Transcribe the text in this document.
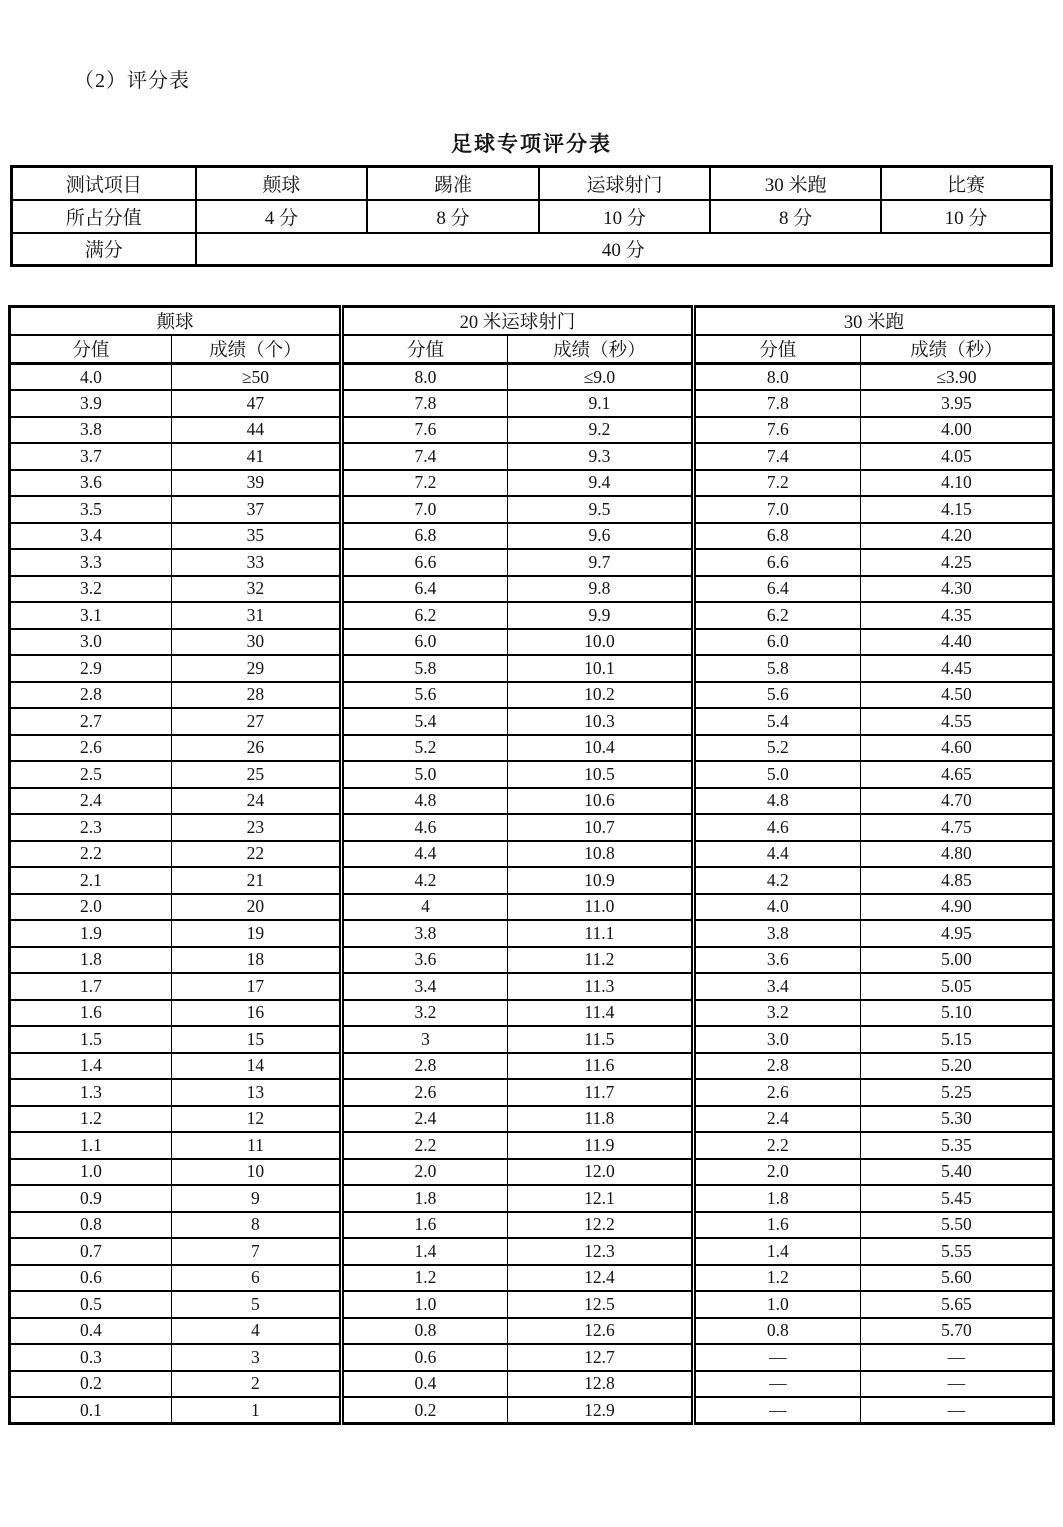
（2）评分表
足球专项评分表
测试项目	颠球	踢准	运球射门	30 米跑	比赛
所占分值	4 分	8 分	10 分	8 分	10 分
满分	40 分				
颠球		20 米运球射门		30 米跑	
分值	成绩（个）	分值	成绩（秒）	分值	成绩（秒）
4.0	≥50	8.0	≤9.0	8.0	≤3.90
3.9	47	7.8	9.1	7.8	3.95
3.8	44	7.6	9.2	7.6	4.00
3.7	41	7.4	9.3	7.4	4.05
3.6	39	7.2	9.4	7.2	4.10
3.5	37	7.0	9.5	7.0	4.15
3.4	35	6.8	9.6	6.8	4.20
3.3	33	6.6	9.7	6.6	4.25
3.2	32	6.4	9.8	6.4	4.30
3.1	31	6.2	9.9	6.2	4.35
3.0	30	6.0	10.0	6.0	4.40
2.9	29	5.8	10.1	5.8	4.45
2.8	28	5.6	10.2	5.6	4.50
2.7	27	5.4	10.3	5.4	4.55
2.6	26	5.2	10.4	5.2	4.60
2.5	25	5.0	10.5	5.0	4.65
2.4	24	4.8	10.6	4.8	4.70
2.3	23	4.6	10.7	4.6	4.75
2.2	22	4.4	10.8	4.4	4.80
2.1	21	4.2	10.9	4.2	4.85
2.0	20	4	11.0	4.0	4.90
1.9	19	3.8	11.1	3.8	4.95
1.8	18	3.6	11.2	3.6	5.00
1.7	17	3.4	11.3	3.4	5.05
1.6	16	3.2	11.4	3.2	5.10
1.5	15	3	11.5	3.0	5.15
1.4	14	2.8	11.6	2.8	5.20
1.3	13	2.6	11.7	2.6	5.25
1.2	12	2.4	11.8	2.4	5.30
1.1	11	2.2	11.9	2.2	5.35
1.0	10	2.0	12.0	2.0	5.40
0.9	9	1.8	12.1	1.8	5.45
0.8	8	1.6	12.2	1.6	5.50
0.7	7	1.4	12.3	1.4	5.55
0.6	6	1.2	12.4	1.2	5.60
0.5	5	1.0	12.5	1.0	5.65
0.4	4	0.8	12.6	0.8	5.70
0.3	3	0.6	12.7	—	—
0.2	2	0.4	12.8	—	—
0.1	1	0.2	12.9	—	—
